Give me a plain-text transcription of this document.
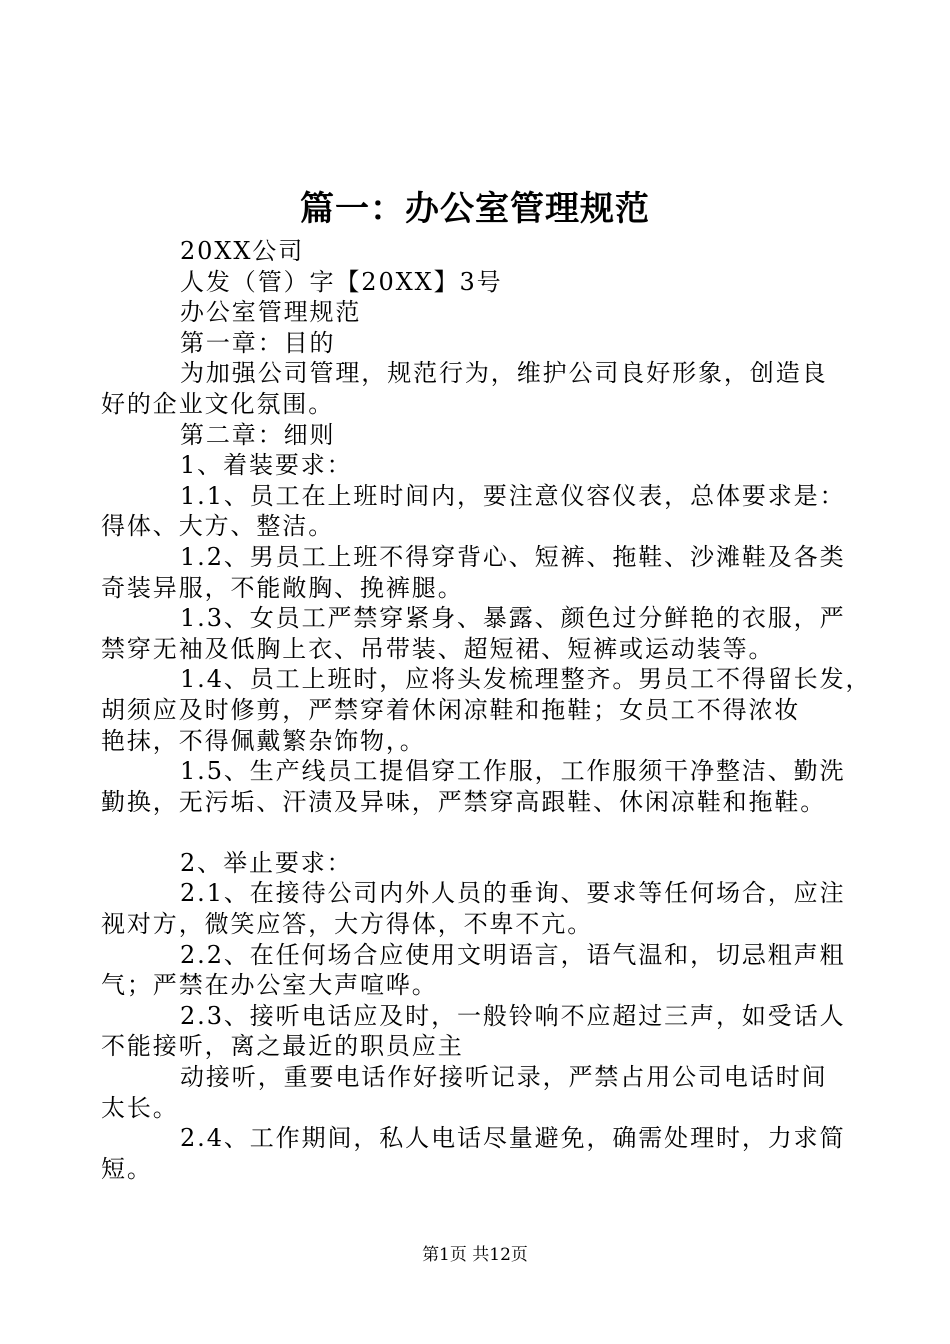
篇一：办公室管理规范

20XX公司

人发（管）字【20XX】3号

办公室管理规范

第一章：目的

为加强公司管理，规范行为，维护公司良好形象，创造良

好的企业文化氛围。

第二章：细则

1、着装要求：

1.1、员工在上班时间内，要注意仪容仪表，总体要求是：

得体、大方、整洁。

1.2、男员工上班不得穿背心、短裤、拖鞋、沙滩鞋及各类

奇装异服，不能敞胸、挽裤腿。

1.3、女员工严禁穿紧身、暴露、颜色过分鲜艳的衣服，严

禁穿无袖及低胸上衣、吊带装、超短裙、短裤或运动装等。

1.4、员工上班时，应将头发梳理整齐。男员工不得留长发，

胡须应及时修剪，严禁穿着休闲凉鞋和拖鞋；女员工不得浓妆

艳抹，不得佩戴繁杂饰物，。

1.5、生产线员工提倡穿工作服，工作服须干净整洁、勤洗

勤换，无污垢、汗渍及异味，严禁穿高跟鞋、休闲凉鞋和拖鞋。

2、举止要求：

2.1、在接待公司内外人员的垂询、要求等任何场合，应注

视对方，微笑应答，大方得体，不卑不亢。

2.2、在任何场合应使用文明语言，语气温和，切忌粗声粗

气；严禁在办公室大声喧哗。

2.3、接听电话应及时，一般铃响不应超过三声，如受话人

不能接听，离之最近的职员应主

动接听，重要电话作好接听记录，严禁占用公司电话时间

太长。

2.4、工作期间，私人电话尽量避免，确需处理时，力求简

短。

第1页 共12页
